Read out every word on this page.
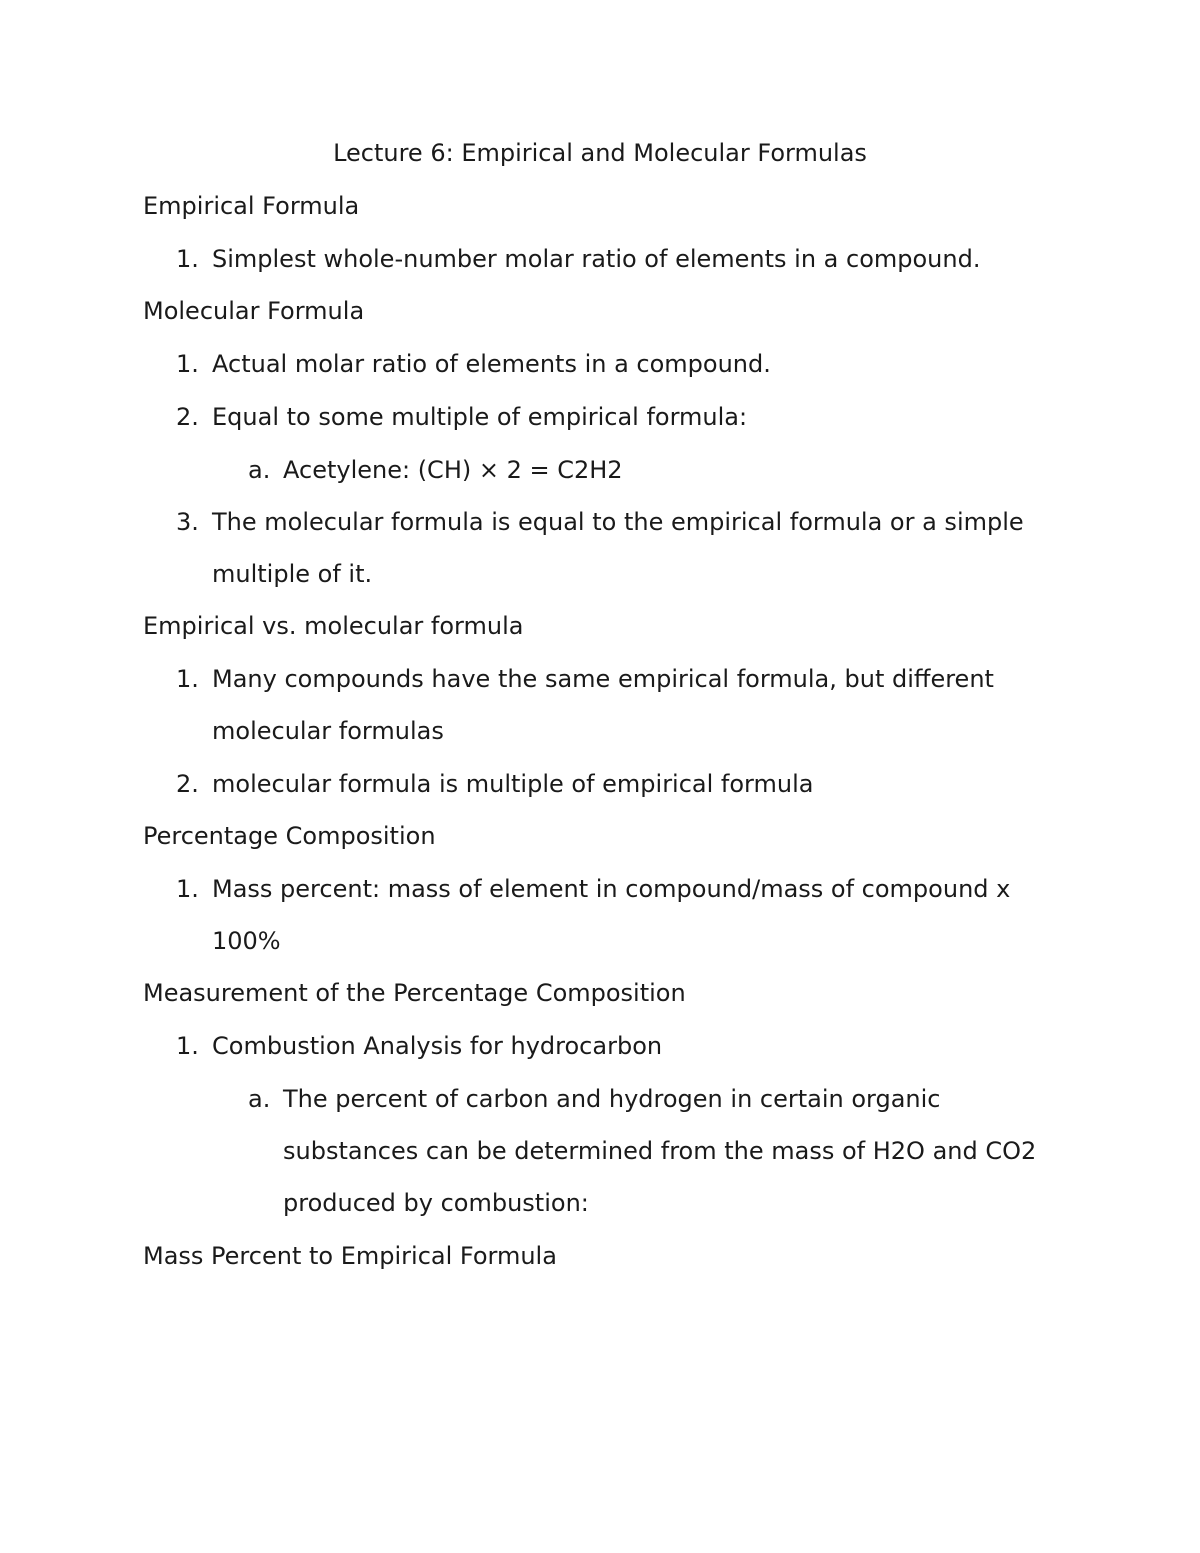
Lecture 6: Empirical and Molecular Formulas
Empirical Formula
1. Simplest whole-number molar ratio of elements in a compound.
Molecular Formula
1. Actual molar ratio of elements in a compound.
2. Equal to some multiple of empirical formula:
a. Acetylene: (CH) × 2 = C2H2
3. The molecular formula is equal to the empirical formula or a simple
multiple of it.
Empirical vs. molecular formula
1. Many compounds have the same empirical formula, but different
molecular formulas
2. molecular formula is multiple of empirical formula
Percentage Composition
1. Mass percent: mass of element in compound/mass of compound x
100%
Measurement of the Percentage Composition
1. Combustion Analysis for hydrocarbon
a. The percent of carbon and hydrogen in certain organic
substances can be determined from the mass of H2O and CO2
produced by combustion:
Mass Percent to Empirical Formula
